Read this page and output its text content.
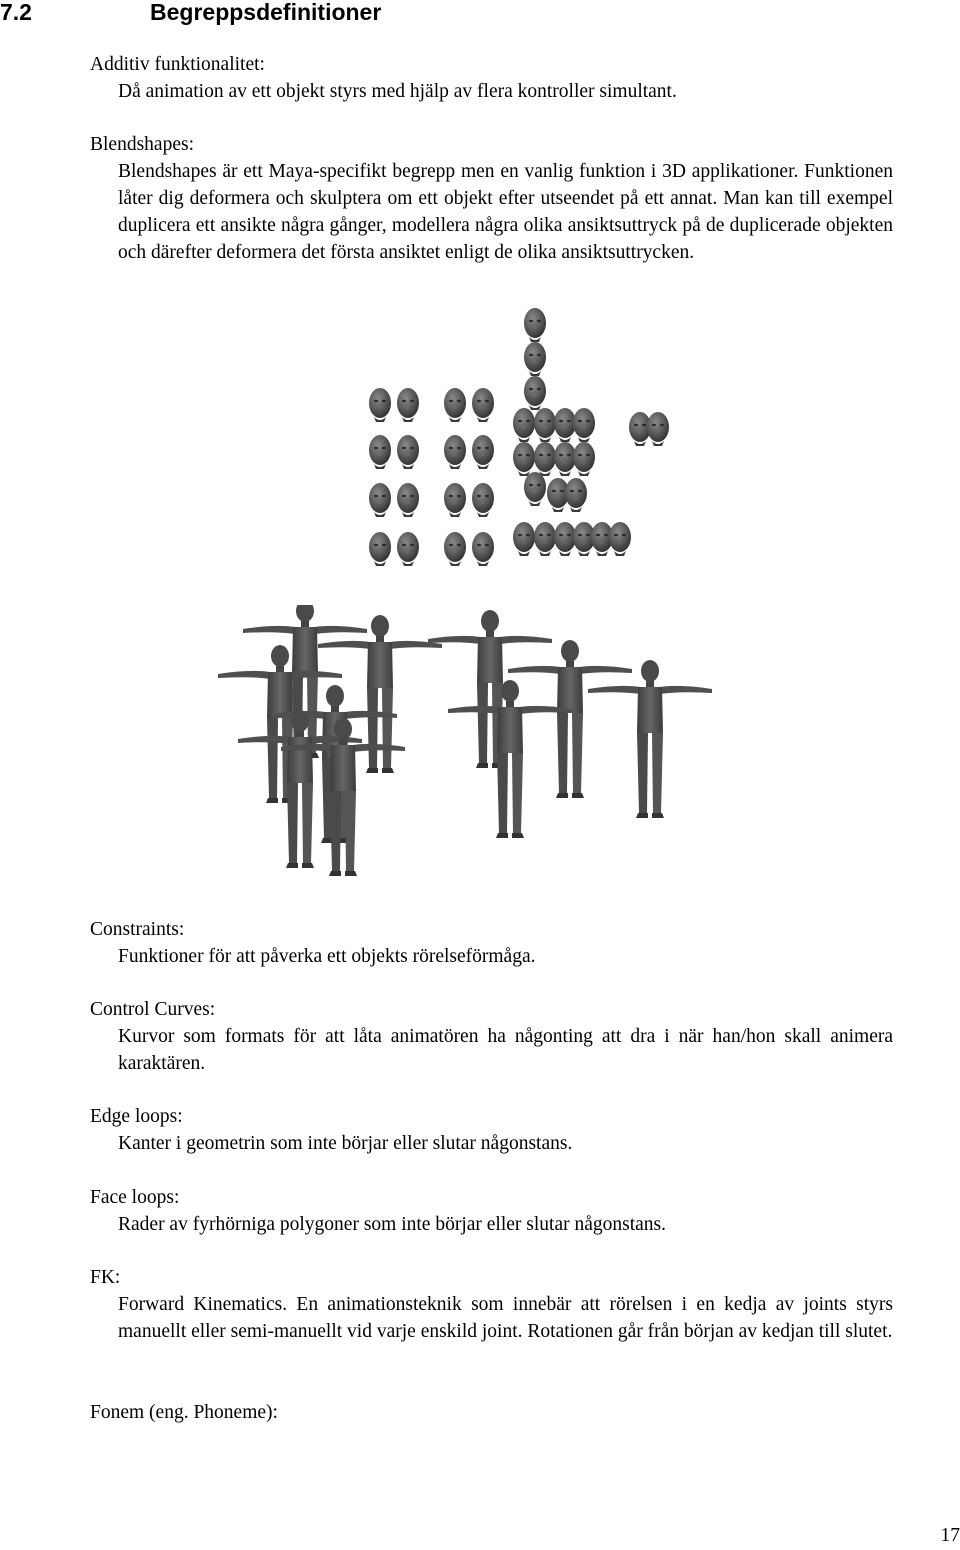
7.2	Begreppsdefinitioner
Additiv funktionalitet:
Då animation av ett objekt styrs med hjälp av flera kontroller simultant.
Blendshapes:
Blendshapes är ett Maya-specifikt begrepp men en vanlig funktion i 3D applikationer. Funktionen låter dig deformera och skulptera om ett objekt efter utseendet på ett annat. Man kan till exempel duplicera ett ansikte några gånger, modellera några olika ansiktsuttryck på de duplicerade objekten och därefter deformera det första ansiktet enligt de olika ansiktsuttrycken.
Constraints:
Funktioner för att påverka ett objekts rörelseförmåga.
Control Curves:
Kurvor som formats för att låta animatören ha någonting att dra i när han/hon skall animera karaktären.
Edge loops:
Kanter i geometrin som inte börjar eller slutar någonstans.
Face loops:
Rader av fyrhörniga polygoner som inte börjar eller slutar någonstans.
FK:
Forward Kinematics. En animationsteknik som innebär att rörelsen i en kedja av joints styrs manuellt eller semi-manuellt vid varje enskild joint. Rotationen går från början av kedjan till slutet.
Fonem (eng. Phoneme):
17
